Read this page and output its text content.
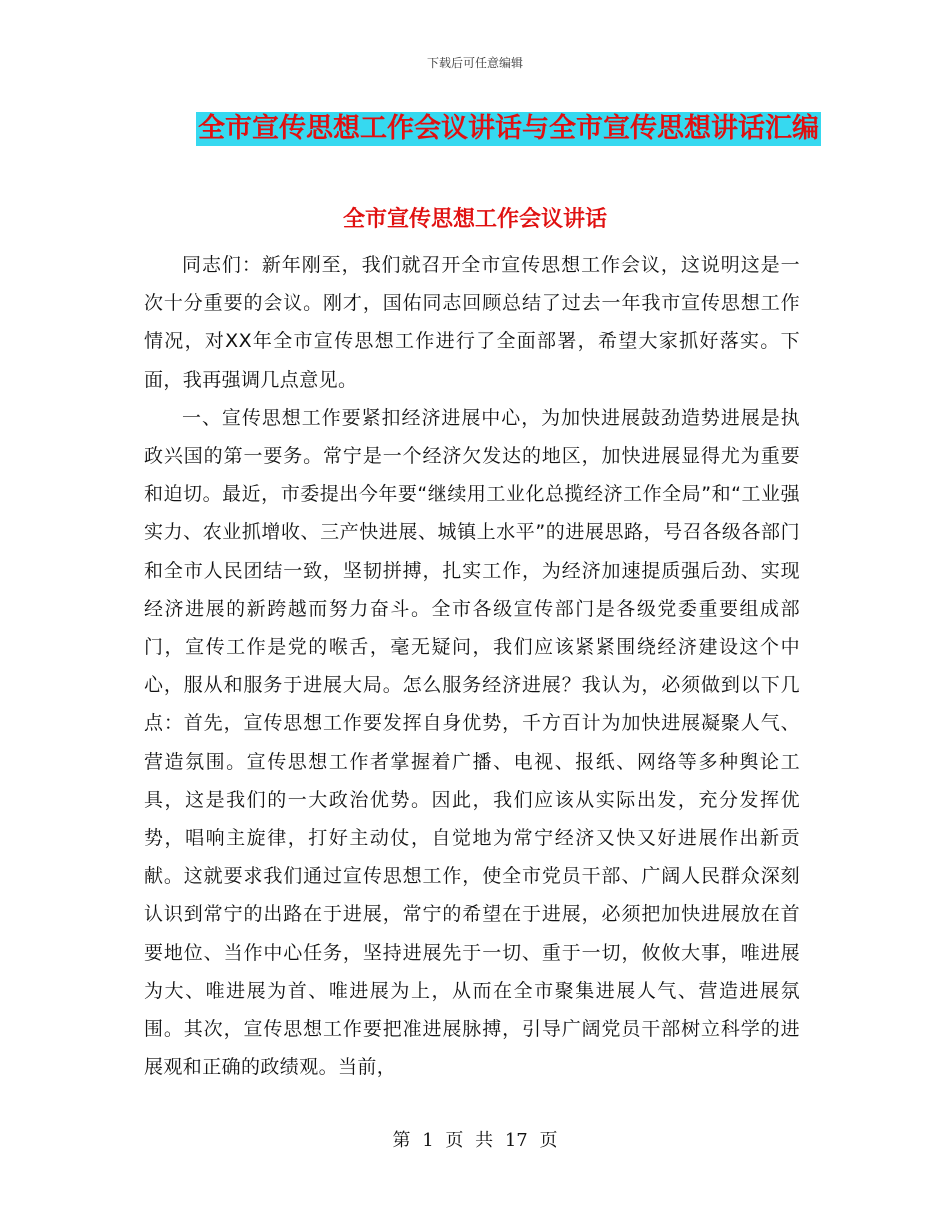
下载后可任意编辑
全市宣传思想工作会议讲话与全市宣传思想讲话汇编
全市宣传思想工作会议讲话

同志们：新年刚至，我们就召开全市宣传思想工作会议，这说明这是一次十分重要的会议。刚才，国佑同志回顾总结了过去一年我市宣传思想工作情况，对XX年全市宣传思想工作进行了全面部署，希望大家抓好落实。下面，我再强调几点意见。

一、宣传思想工作要紧扣经济进展中心，为加快进展鼓劲造势进展是执政兴国的第一要务。常宁是一个经济欠发达的地区，加快进展显得尤为重要和迫切。最近，市委提出今年要“继续用工业化总揽经济工作全局”和“工业强实力、农业抓增收、三产快进展、城镇上水平”的进展思路，号召各级各部门和全市人民团结一致，坚韧拼搏，扎实工作，为经济加速提质强后劲、实现经济进展的新跨越而努力奋斗。全市各级宣传部门是各级党委重要组成部门，宣传工作是党的喉舌，毫无疑问，我们应该紧紧围绕经济建设这个中心，服从和服务于进展大局。怎么服务经济进展？我认为，必须做到以下几点：首先，宣传思想工作要发挥自身优势，千方百计为加快进展凝聚人气、营造氛围。宣传思想工作者掌握着广播、电视、报纸、网络等多种舆论工具，这是我们的一大政治优势。因此，我们应该从实际出发，充分发挥优势，唱响主旋律，打好主动仗，自觉地为常宁经济又快又好进展作出新贡献。这就要求我们通过宣传思想工作，使全市党员干部、广阔人民群众深刻认识到常宁的出路在于进展，常宁的希望在于进展，必须把加快进展放在首要地位、当作中心任务，坚持进展先于一切、重于一切，攸攸大事，唯进展为大、唯进展为首、唯进展为上，从而在全市聚集进展人气、营造进展氛围。其次，宣传思想工作要把准进展脉搏，引导广阔党员干部树立科学的进展观和正确的政绩观。当前，

第 1 页 共 17 页
